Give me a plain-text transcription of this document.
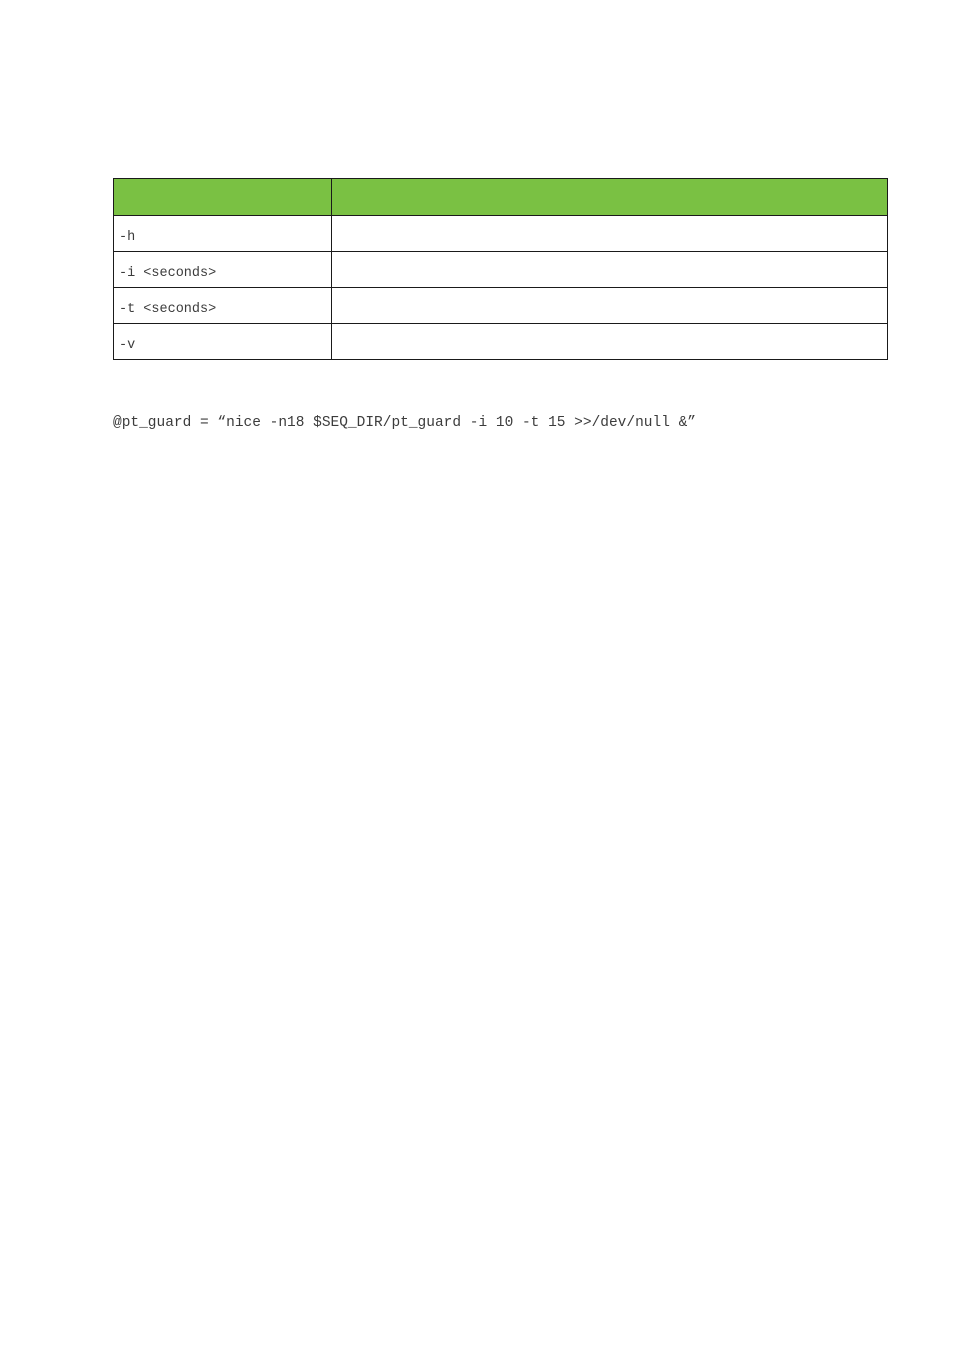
-h	
-i <seconds>	
-t <seconds>	
-v	

@pt_guard = “nice -n18 $SEQ_DIR/pt_guard -i 10 -t 15 >>/dev/null &”
